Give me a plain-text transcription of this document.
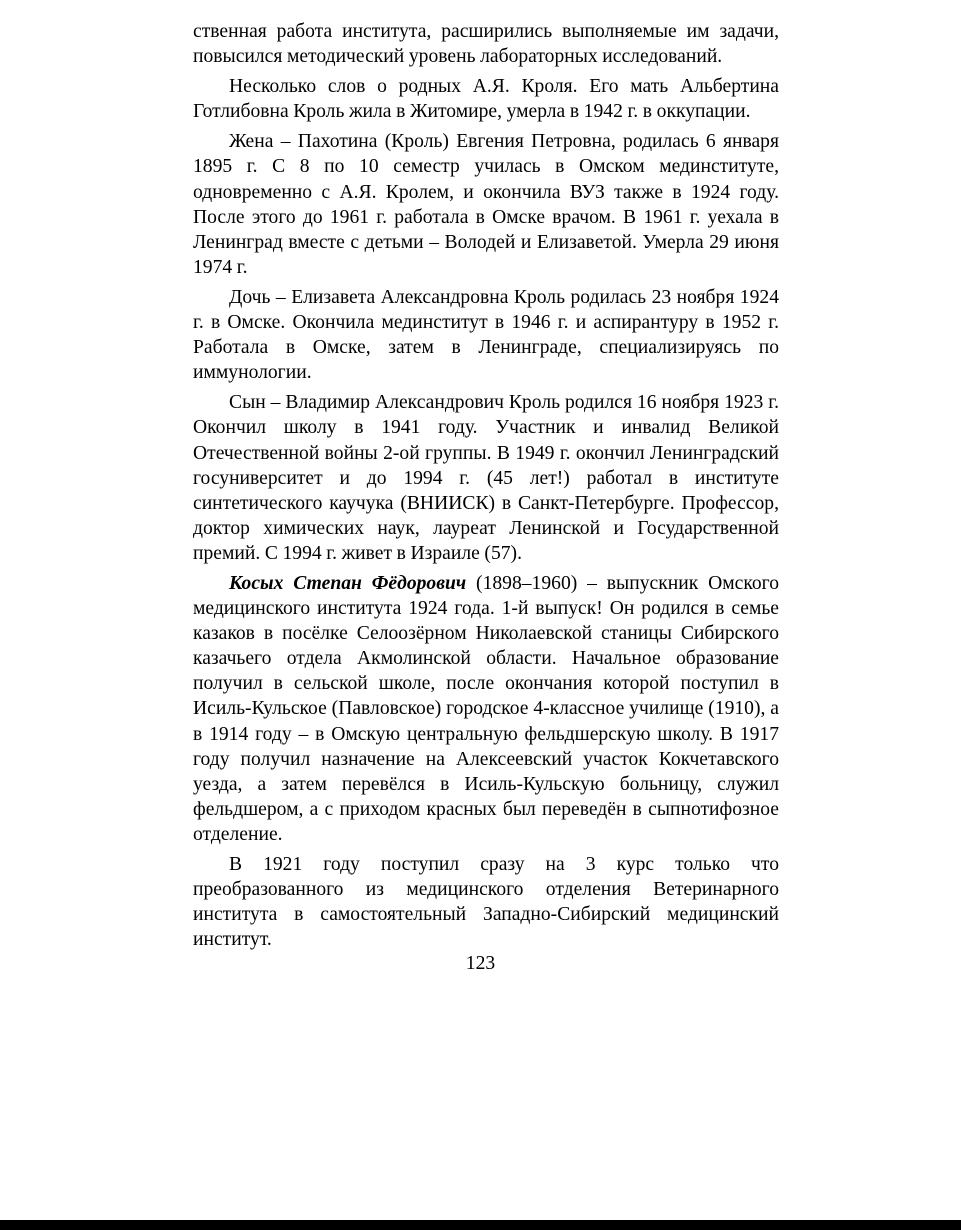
ственная работа института, расширились выполняемые им задачи, повысился методический уровень лабораторных исследований.

Несколько слов о родных А.Я. Кроля. Его мать Альбертина Готлибовна Кроль жила в Житомире, умерла в 1942 г. в оккупации.

Жена – Пахотина (Кроль) Евгения Петровна, родилась 6 января 1895 г. С 8 по 10 семестр училась в Омском мединституте, одновременно с А.Я. Кролем, и окончила ВУЗ также в 1924 году. После этого до 1961 г. работала в Омске врачом. В 1961 г. уехала в Ленинград вместе с детьми – Володей и Елизаветой. Умерла 29 июня 1974 г.

Дочь – Елизавета Александровна Кроль родилась 23 ноября 1924 г. в Омске. Окончила мединститут в 1946 г. и аспирантуру в 1952 г. Работала в Омске, затем в Ленинграде, специализируясь по иммунологии.

Сын – Владимир Александрович Кроль родился 16 ноября 1923 г. Окончил школу в 1941 году. Участник и инвалид Великой Отечественной войны 2-ой группы. В 1949 г. окончил Ленинградский госуниверситет и до 1994 г. (45 лет!) работал в институте синтетического каучука (ВНИИСК) в Санкт-Петербурге. Профессор, доктор химических наук, лауреат Ленинской и Государственной премий. С 1994 г. живет в Израиле (57).

Косых Степан Фёдорович (1898–1960) – выпускник Омского медицинского института 1924 года. 1-й выпуск! Он родился в семье казаков в посёлке Селоозёрном Николаевской станицы Сибирского казачьего отдела Акмолинской области. Начальное образование получил в сельской школе, после окончания которой поступил в Исиль-Кульское (Павловское) городское 4-классное училище (1910), а в 1914 году – в Омскую центральную фельдшерскую школу. В 1917 году получил назначение на Алексеевский участок Кокчетавского уезда, а затем перевёлся в Исиль-Кульскую больницу, служил фельдшером, а с приходом красных был переведён в сыпнотифозное отделение.

В 1921 году поступил сразу на 3 курс только что преобразованного из медицинского отделения Ветеринарного института в самостоятельный Западно-Сибирский медицинский институт.

123
